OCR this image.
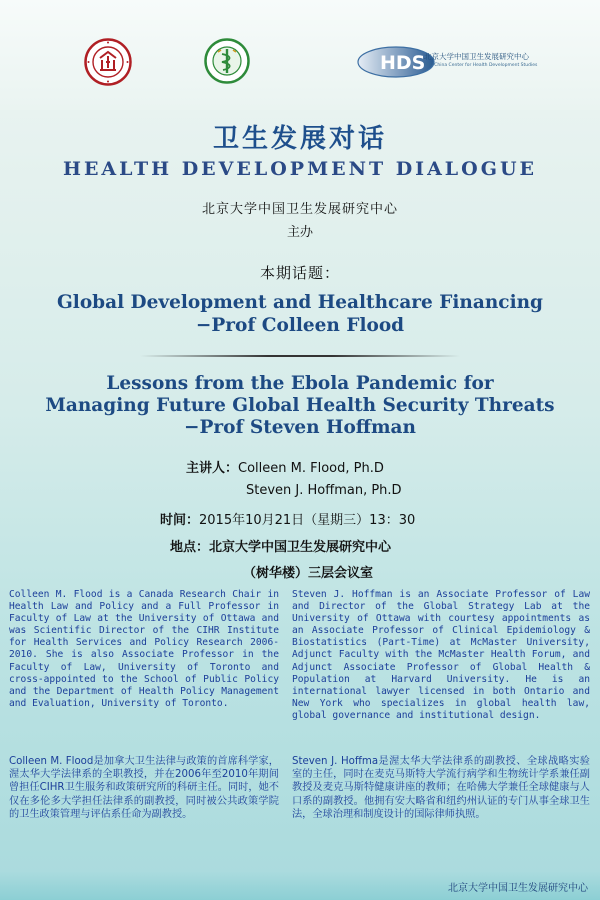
HDS
北京大学中国卫生发展研究中心
PKU China Center for Health Development Studies
卫生发展对话
HEALTH DEVELOPMENT DIALOGUE
北京大学中国卫生发展研究中心
主办
本期话题：
Global Development and Healthcare Financing
−Prof Colleen Flood
Lessons from the Ebola Pandemic for
Managing Future Global Health Security Threats
−Prof Steven Hoffman
主讲人：Colleen M. Flood, Ph.D
Steven J. Hoffman, Ph.D
时间：2015年10月21日（星期三）13：30
地点：北京大学中国卫生发展研究中心
（树华楼）三层会议室
Colleen M. Flood is a Canada Research Chair in Health Law and Policy and a Full Professor in Faculty of Law at the University of Ottawa and was Scientific Director of the CIHR Institute for Health Services and Policy Research 2006-2010. She is also Associate Professor in the Faculty of Law, University of Toronto and cross-appointed to the School of Public Policy and the Department of Health Policy Management and Evaluation, University of Toronto.
Steven J. Hoffman is an Associate Professor of Law and Director of the Global Strategy Lab at the University of Ottawa with courtesy appointments as an Associate Professor of Clinical Epidemiology & Biostatistics (Part-Time) at McMaster University, Adjunct Faculty with the McMaster Health Forum, and Adjunct Associate Professor of Global Health & Population at Harvard University. He is an international lawyer licensed in both Ontario and New York who specializes in global health law, global governance and institutional design.
Colleen M. Flood是加拿大卫生法律与政策的首席科学家，渥太华大学法律系的全职教授，并在2006年至2010年期间曾担任CIHR卫生服务和政策研究所的科研主任。同时，她不仅在多伦多大学担任法律系的副教授，同时被公共政策学院的卫生政策管理与评估系任命为副教授。
Steven J. Hoffma是渥太华大学法律系的副教授、全球战略实验室的主任，同时在麦克马斯特大学流行病学和生物统计学系兼任副教授及麦克马斯特健康讲座的教师；在哈佛大学兼任全球健康与人口系的副教授。他拥有安大略省和纽约州认证的专门从事全球卫生法，全球治理和制度设计的国际律师执照。
北京大学中国卫生发展研究中心
